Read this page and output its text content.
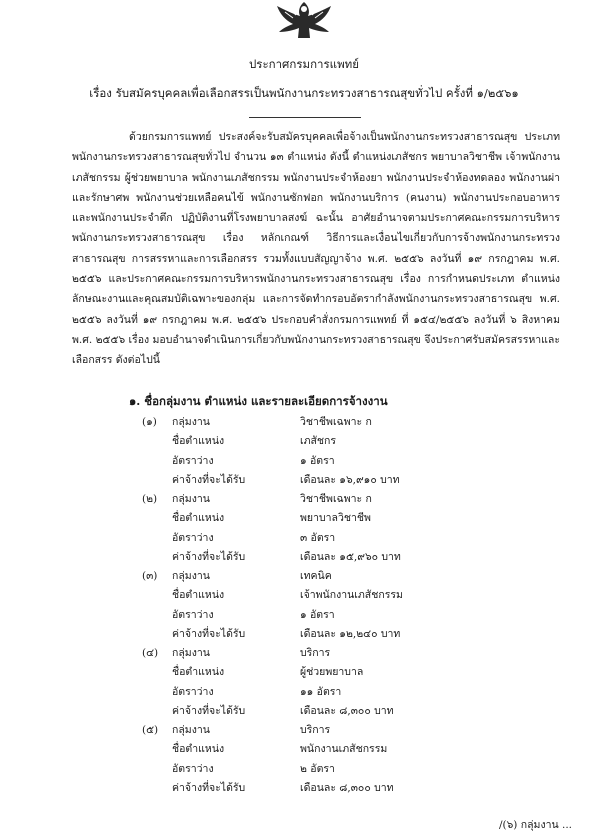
ประกาศกรมการแพทย์
เรื่อง รับสมัครบุคคลเพื่อเลือกสรรเป็นพนักงานกระทรวงสาธารณสุขทั่วไป ครั้งที่ ๑/๒๕๖๑
ด้วยกรมการแพทย์ ประสงค์จะรับสมัครบุคคลเพื่อจ้างเป็นพนักงานกระทรวงสาธารณสุข ประเภทพนักงานกระทรวงสาธารณสุขทั่วไป จำนวน ๑๓ ตำแหน่ง ดังนี้ ตำแหน่งเภสัชกร พยาบาลวิชาชีพ เจ้าพนักงานเภสัชกรรม ผู้ช่วยพยาบาล พนักงานเภสัชกรรม พนักงานประจำห้องยา พนักงานประจำห้องทดลอง พนักงานผ่าและรักษาศพ พนักงานช่วยเหลือคนไข้ พนักงานซักฟอก พนักงานบริการ (คนงาน) พนักงานประกอบอาหาร และพนักงานประจำตึก ปฏิบัติงานที่โรงพยาบาลสงฆ์ ฉะนั้น อาศัยอำนาจตามประกาศคณะกรรมการบริหารพนักงานกระทรวงสาธารณสุข เรื่อง หลักเกณฑ์ วิธีการและเงื่อนไขเกี่ยวกับการจ้างพนักงานกระทรวงสาธารณสุข การสรรหาและการเลือกสรร รวมทั้งแบบสัญญาจ้าง พ.ศ. ๒๕๕๖ ลงวันที่ ๑๙ กรกฎาคม พ.ศ. ๒๕๕๖ และประกาศคณะกรรมการบริหารพนักงานกระทรวงสาธารณสุข เรื่อง การกำหนดประเภท ตำแหน่ง ลักษณะงานและคุณสมบัติเฉพาะของกลุ่ม และการจัดทำกรอบอัตรากำลังพนักงานกระทรวงสาธารณสุข พ.ศ. ๒๕๕๖ ลงวันที่ ๑๙ กรกฎาคม พ.ศ. ๒๕๕๖ ประกอบคำสั่งกรมการแพทย์ ที่ ๑๕๔/๒๕๕๖ ลงวันที่ ๖ สิงหาคม พ.ศ. ๒๕๕๖ เรื่อง มอบอำนาจดำเนินการเกี่ยวกับพนักงานกระทรวงสาธารณสุข จึงประกาศรับสมัครสรรหาและเลือกสรร ดังต่อไปนี้
๑. ชื่อกลุ่มงาน ตำแหน่ง และรายละเอียดการจ้างงาน
(๑) กลุ่มงาน	วิชาชีพเฉพาะ ก
ชื่อตำแหน่ง	เภสัชกร
อัตราว่าง	๑ อัตรา
ค่าจ้างที่จะได้รับ	เดือนละ ๑๖,๙๑๐ บาท
(๒) กลุ่มงาน	วิชาชีพเฉพาะ ก
ชื่อตำแหน่ง	พยาบาลวิชาชีพ
อัตราว่าง	๓ อัตรา
ค่าจ้างที่จะได้รับ	เดือนละ ๑๕,๙๖๐ บาท
(๓) กลุ่มงาน	เทคนิค
ชื่อตำแหน่ง	เจ้าพนักงานเภสัชกรรม
อัตราว่าง	๑ อัตรา
ค่าจ้างที่จะได้รับ	เดือนละ ๑๒,๒๔๐ บาท
(๔) กลุ่มงาน	บริการ
ชื่อตำแหน่ง	ผู้ช่วยพยาบาล
อัตราว่าง	๑๑ อัตรา
ค่าจ้างที่จะได้รับ	เดือนละ ๘,๓๐๐ บาท
(๕) กลุ่มงาน	บริการ
ชื่อตำแหน่ง	พนักงานเภสัชกรรม
อัตราว่าง	๒ อัตรา
ค่าจ้างที่จะได้รับ	เดือนละ ๘,๓๐๐ บาท
/(๖) กลุ่มงาน ...
